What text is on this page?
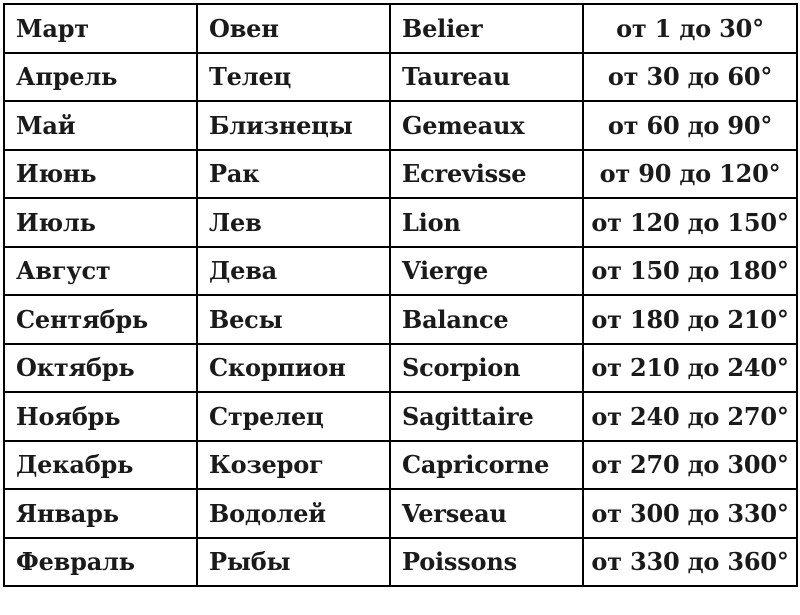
Март	Овен	Belier	от 1 до 30°
Апрель	Телец	Taureau	от 30 до 60°
Май	Близнецы	Gemeaux	от 60 до 90°
Июнь	Рак	Ecrevisse	от 90 до 120°
Июль	Лев	Lion	от 120 до 150°
Август	Дева	Vierge	от 150 до 180°
Сентябрь	Весы	Balance	от 180 до 210°
Октябрь	Скорпион	Scorpion	от 210 до 240°
Ноябрь	Стрелец	Sagittaire	от 240 до 270°
Декабрь	Козерог	Capricorne	от 270 до 300°
Январь	Водолей	Verseau	от 300 до 330°
Февраль	Рыбы	Poissons	от 330 до 360°
